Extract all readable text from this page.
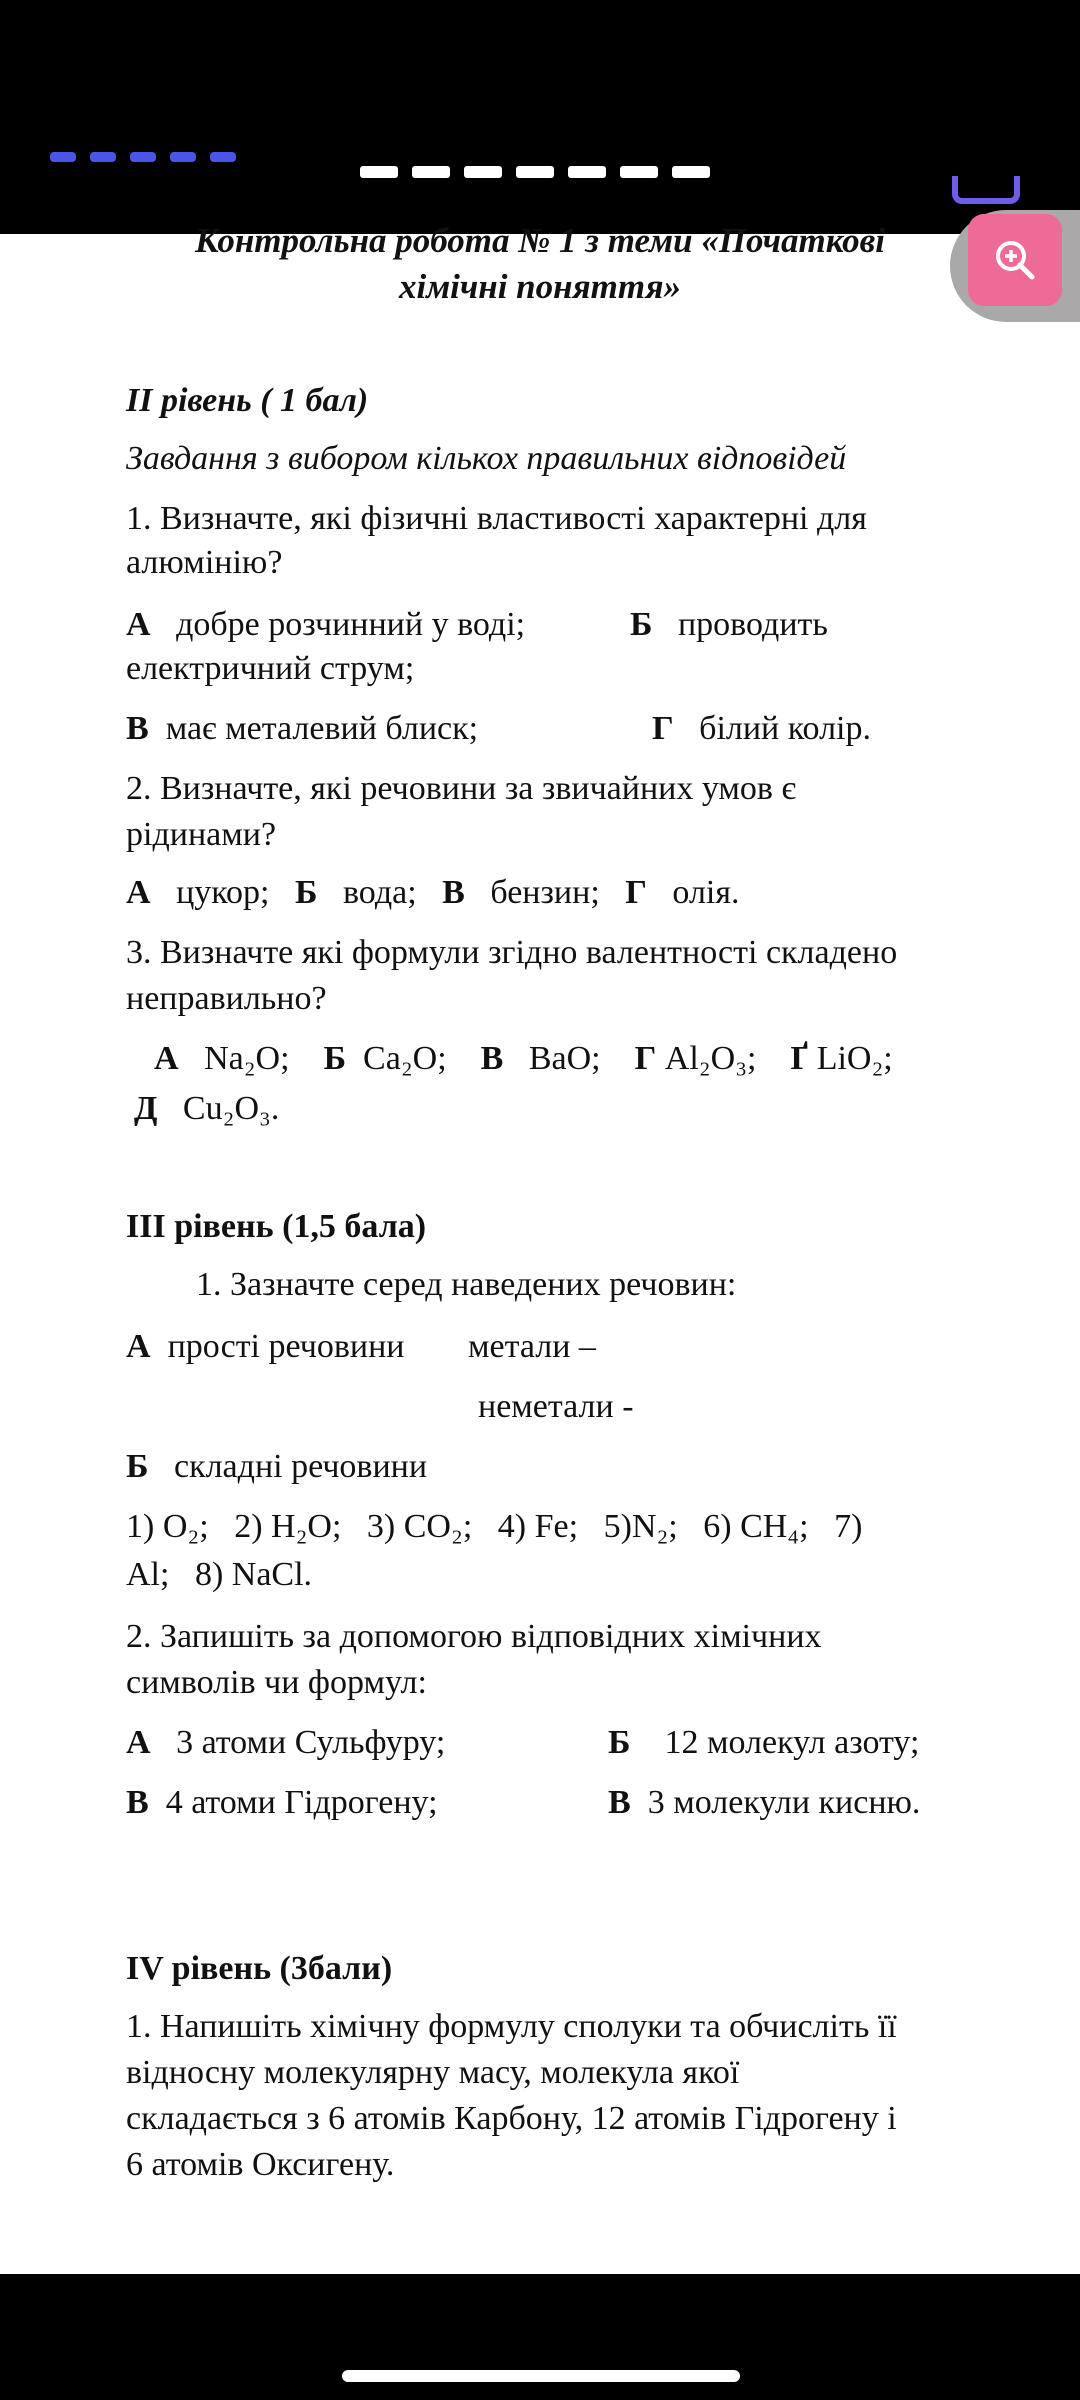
Контрольна робота № 1 з теми «Початкові
хімічні поняття»
II рівень ( 1 бал)
Завдання з вибором кількох правильних відповідей
1. Визначте, які фізичні властивості характерні для
алюмінію?
А добре розчинний у воді;	Б проводить
електричний струм;
В має металевий блиск;	Г білий колір.
2. Визначте, які речовини за звичайних умов є
рідинами?
А цукор; Б вода; В бензин; Г олія.
3. Визначте які формули згідно валентності складено
неправильно?
А Na₂O; Б Ca₂O; В BaO; Г Al₂O₃; Ґ LiO₂;
Д Cu₂O₃.
III рівень (1,5 бала)
1. Зазначте серед наведених речовин:
А прості речовини метали –
неметали -
Б складні речовини
1) O₂; 2) H₂O; 3) CO₂; 4) Fe; 5)N₂; 6) CH₄; 7)
Al; 8) NaCl.
2. Запишіть за допомогою відповідних хімічних
символів чи формул:
А 3 атоми Сульфуру;	Б 12 молекул азоту;
В 4 атоми Гідрогену;	В 3 молекули кисню.
IV рівень (3бали)
1. Напишіть хімічну формулу сполуки та обчисліть її
відносну молекулярну масу, молекула якої
складається з 6 атомів Карбону, 12 атомів Гідрогену і
6 атомів Оксигену.
